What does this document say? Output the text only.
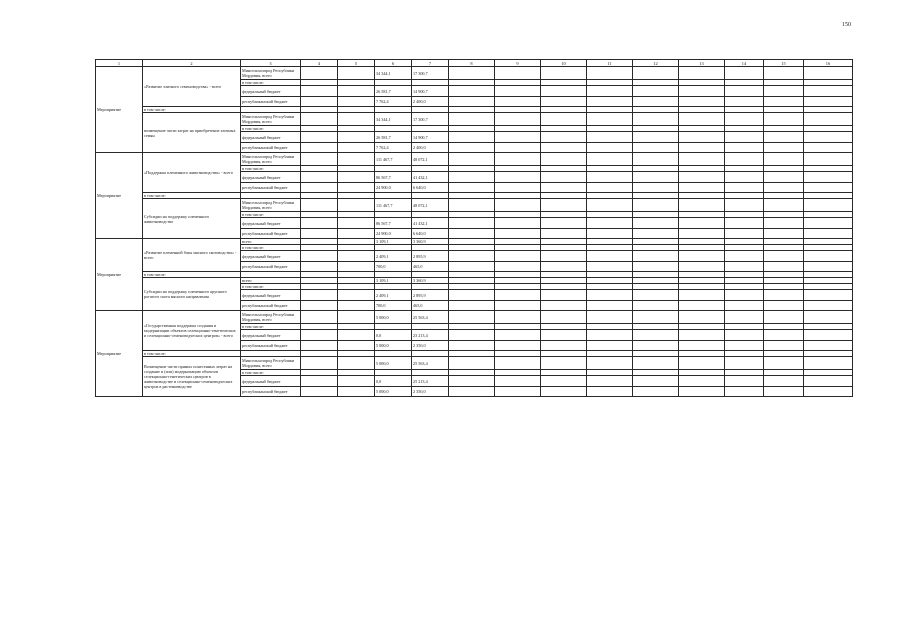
150
1	2	3	4	5	6	7	8	9	10	11	12	13	14	15	16
Мероприятие	«Развитие элитного семеноводства» - всего	Минсельхозпрод Республики Мордовия, всего			34 344,1	17 300,7									
		в том числе:													
		федеральный бюджет			26 581,7	14 900,7									
		республиканский бюджет			7 762,4	2 400,0									
	в том числе:														
	возмещение части затрат на приобретение элитных семян	Минсельхозпрод Республики Мордовия, всего			34 344,1	17 300,7									
		в том числе:													
		федеральный бюджет			26 581,7	14 900,7									
		республиканский бюджет			7 762,4	2 400,0									
Мероприятие	«Поддержка племенного животноводства» - всего	Минсельхозпрод Республики Мордовия, всего			111 467,7	48 072,1									
		в том числе:													
		федеральный бюджет			86 567,7	41 432,1									
		республиканский бюджет			24 900,0	6 640,0									
	в том числе:														
	Субсидии на поддержку племенного животноводства	Минсельхозпрод Республики Мордовия, всего			111 467,7	48 072,1									
		в том числе:													
		федеральный бюджет			86 567,7	41 432,1									
		республиканский бюджет			24 900,0	6 640,0									
Мероприятие	«Развитие племенной базы мясного скотоводства» - всего	всего			3 109,1	3 360,9									
		в том числе:													
		федеральный бюджет			2 409,1	2 895,9									
		республиканский бюджет			700,0	465,0									
	в том числе:														
	Субсидии на поддержку племенного крупного рогатого скота мясного направления	всего			3 109,1	3 360,9									
		в том числе:													
		федеральный бюджет			2 409,1	2 895,9									
		республиканский бюджет			700,0	465,0									
Мероприятие	«Государственная поддержка создания и модернизации объектов селекционно-генетических и селекционно-семеноводческих центров» - всего	Минсельхозпрод Республики Мордовия, всего			5 000,0	25 563,4									
		в том числе:													
		федеральный бюджет			0,0	23 213,4									
		республиканский бюджет			5 000,0	2 350,0									
	в том числе:														
	Возмещение части прямых понесенных затрат на создание и (или) модернизацию объектов селекционно-генетических центров в животноводстве и селекционно-семеноводческих центров в растениеводстве	Минсельхозпрод Республики Мордовия, всего			5 000,0	25 563,4									
		в том числе:													
		федеральный бюджет			0,0	25 213,4									
		республиканский бюджет			5 000,0	2 350,0									
